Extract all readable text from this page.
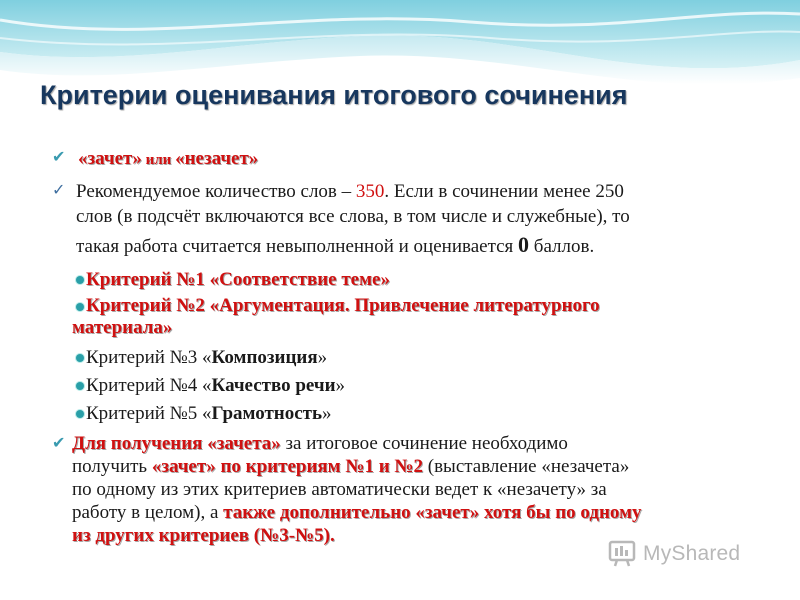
Критерии оценивания итогового сочинения
✔ «зачет» или «незачет»
✓ Рекомендуемое количество слов – 350. Если в сочинении менее 250
слов (в подсчёт включаются все слова, в том числе и служебные), то
такая работа считается невыполненной и оценивается 0 баллов.
Критерий №1 «Соответствие теме»
Критерий №2 «Аргументация. Привлечение литературного
материала»
Критерий №3 «Композиция»
Критерий №4 «Качество речи»
Критерий №5 «Грамотность»
✔ Для получения «зачета» за итоговое сочинение необходимо
получить «зачет» по критериям №1 и №2 (выставление «незачета»
по одному из этих критериев автоматически ведет к «незачету» за
работу в целом), а также дополнительно «зачет» хотя бы по одному
из других критериев (№3-№5).
MyShared
